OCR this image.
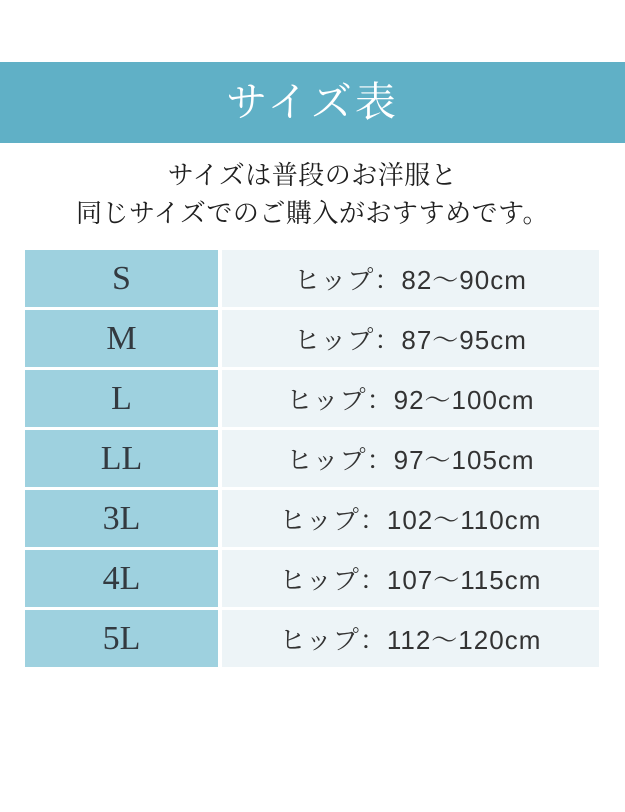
サイズ表
サイズは普段のお洋服と
同じサイズでのご購入がおすすめです。
S	ヒップ：82〜90cm
M	ヒップ：87〜95cm
L	ヒップ：92〜100cm
LL	ヒップ：97〜105cm
3L	ヒップ：102〜110cm
4L	ヒップ：107〜115cm
5L	ヒップ：112〜120cm
